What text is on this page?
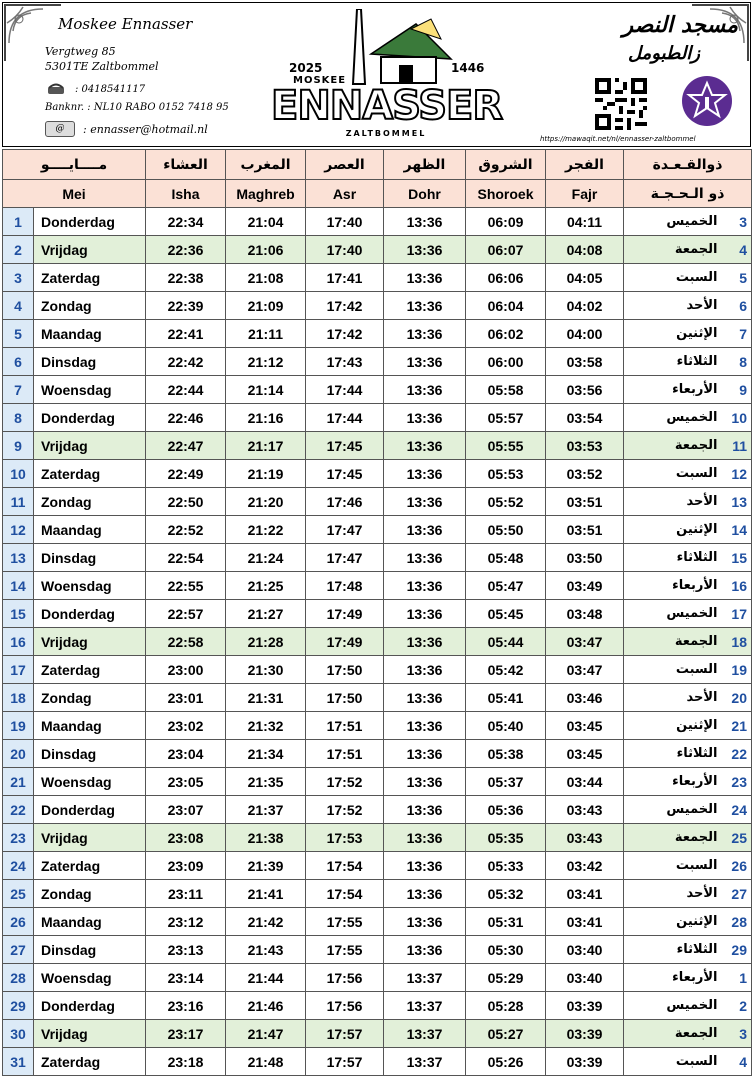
Moskee Ennasser
Vergtweg 85
5301TE Zaltbommel
: 0418541117
Banknr. : NL10 RABO 0152 7418 95
@	: ennasser@hotmail.nl
2025	1446
MOSKEE
ENNASSER
ZALTBOMMEL
مسجد النصر
زالطبومل
https://mawaqit.net/nl/ennasser-zaltbommel
مــــايــــو		العشاء	المغرب	العصر	الظهر	الشروق	الفجر	ذوالقـعـدة	
Mei		Isha	Maghreb	Asr	Dohr	Shoroek	Fajr	ذو الـحـجـة	
1	Donderdag	22:34	21:04	17:40	13:36	06:09	04:11	الخميس	3
2	Vrijdag	22:36	21:06	17:40	13:36	06:07	04:08	الجمعة	4
3	Zaterdag	22:38	21:08	17:41	13:36	06:06	04:05	السبت	5
4	Zondag	22:39	21:09	17:42	13:36	06:04	04:02	الأحد	6
5	Maandag	22:41	21:11	17:42	13:36	06:02	04:00	الإثنين	7
6	Dinsdag	22:42	21:12	17:43	13:36	06:00	03:58	الثلاثاء	8
7	Woensdag	22:44	21:14	17:44	13:36	05:58	03:56	الأربعاء	9
8	Donderdag	22:46	21:16	17:44	13:36	05:57	03:54	الخميس	10
9	Vrijdag	22:47	21:17	17:45	13:36	05:55	03:53	الجمعة	11
10	Zaterdag	22:49	21:19	17:45	13:36	05:53	03:52	السبت	12
11	Zondag	22:50	21:20	17:46	13:36	05:52	03:51	الأحد	13
12	Maandag	22:52	21:22	17:47	13:36	05:50	03:51	الإثنين	14
13	Dinsdag	22:54	21:24	17:47	13:36	05:48	03:50	الثلاثاء	15
14	Woensdag	22:55	21:25	17:48	13:36	05:47	03:49	الأربعاء	16
15	Donderdag	22:57	21:27	17:49	13:36	05:45	03:48	الخميس	17
16	Vrijdag	22:58	21:28	17:49	13:36	05:44	03:47	الجمعة	18
17	Zaterdag	23:00	21:30	17:50	13:36	05:42	03:47	السبت	19
18	Zondag	23:01	21:31	17:50	13:36	05:41	03:46	الأحد	20
19	Maandag	23:02	21:32	17:51	13:36	05:40	03:45	الإثنين	21
20	Dinsdag	23:04	21:34	17:51	13:36	05:38	03:45	الثلاثاء	22
21	Woensdag	23:05	21:35	17:52	13:36	05:37	03:44	الأربعاء	23
22	Donderdag	23:07	21:37	17:52	13:36	05:36	03:43	الخميس	24
23	Vrijdag	23:08	21:38	17:53	13:36	05:35	03:43	الجمعة	25
24	Zaterdag	23:09	21:39	17:54	13:36	05:33	03:42	السبت	26
25	Zondag	23:11	21:41	17:54	13:36	05:32	03:41	الأحد	27
26	Maandag	23:12	21:42	17:55	13:36	05:31	03:41	الإثنين	28
27	Dinsdag	23:13	21:43	17:55	13:36	05:30	03:40	الثلاثاء	29
28	Woensdag	23:14	21:44	17:56	13:37	05:29	03:40	الأربعاء	1
29	Donderdag	23:16	21:46	17:56	13:37	05:28	03:39	الخميس	2
30	Vrijdag	23:17	21:47	17:57	13:37	05:27	03:39	الجمعة	3
31	Zaterdag	23:18	21:48	17:57	13:37	05:26	03:39	السبت	4
